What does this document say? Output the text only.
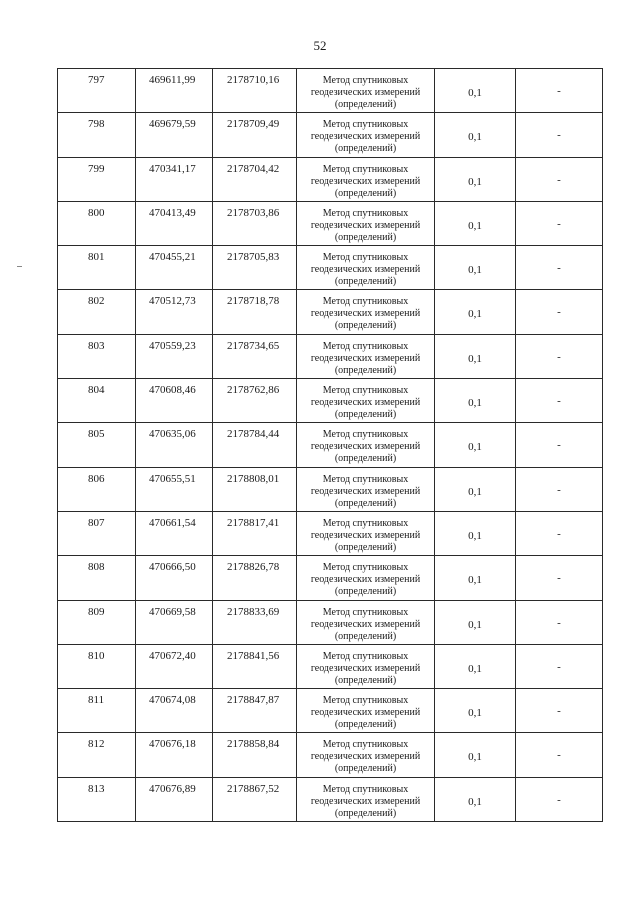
52
797	469611,99	2178710,16	Метод спутниковых геодезических измерений (определений)	0,1	-

798	469679,59	2178709,49	Метод спутниковых геодезических измерений (определений)	0,1	-

799	470341,17	2178704,42	Метод спутниковых геодезических измерений (определений)	0,1	-

800	470413,49	2178703,86	Метод спутниковых геодезических измерений (определений)	0,1	-

801	470455,21	2178705,83	Метод спутниковых геодезических измерений (определений)	0,1	-

802	470512,73	2178718,78	Метод спутниковых геодезических измерений (определений)	0,1	-

803	470559,23	2178734,65	Метод спутниковых геодезических измерений (определений)	0,1	-

804	470608,46	2178762,86	Метод спутниковых геодезических измерений (определений)	0,1	-

805	470635,06	2178784,44	Метод спутниковых геодезических измерений (определений)	0,1	-

806	470655,51	2178808,01	Метод спутниковых геодезических измерений (определений)	0,1	-

807	470661,54	2178817,41	Метод спутниковых геодезических измерений (определений)	0,1	-

808	470666,50	2178826,78	Метод спутниковых геодезических измерений (определений)	0,1	-

809	470669,58	2178833,69	Метод спутниковых геодезических измерений (определений)	0,1	-

810	470672,40	2178841,56	Метод спутниковых геодезических измерений (определений)	0,1	-

811	470674,08	2178847,87	Метод спутниковых геодезических измерений (определений)	0,1	-

812	470676,18	2178858,84	Метод спутниковых геодезических измерений (определений)	0,1	-

813	470676,89	2178867,52	Метод спутниковых геодезических измерений (определений)	0,1	-
